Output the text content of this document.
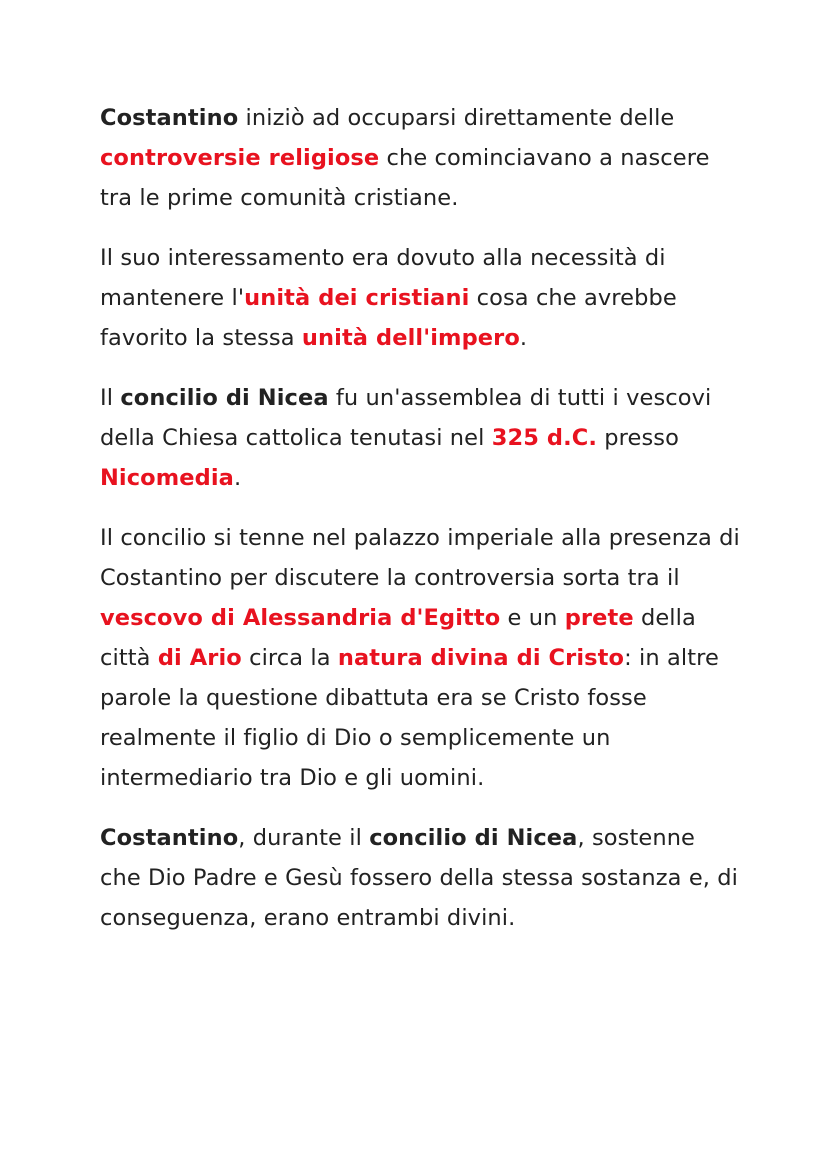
Costantino iniziò ad occuparsi direttamente delle controversie religiose che cominciavano a nascere tra le prime comunità cristiane.

Il suo interessamento era dovuto alla necessità di mantenere l'unità dei cristiani cosa che avrebbe favorito la stessa unità dell'impero.

Il concilio di Nicea fu un'assemblea di tutti i vescovi della Chiesa cattolica tenutasi nel 325 d.C. presso Nicomedia.

Il concilio si tenne nel palazzo imperiale alla presenza di Costantino per discutere la controversia sorta tra il vescovo di Alessandria d'Egitto e un prete della città di Ario circa la natura divina di Cristo: in altre parole la questione dibattuta era se Cristo fosse realmente il figlio di Dio o semplicemente un intermediario tra Dio e gli uomini.

Costantino, durante il concilio di Nicea, sostenne che Dio Padre e Gesù fossero della stessa sostanza e, di conseguenza, erano entrambi divini.
